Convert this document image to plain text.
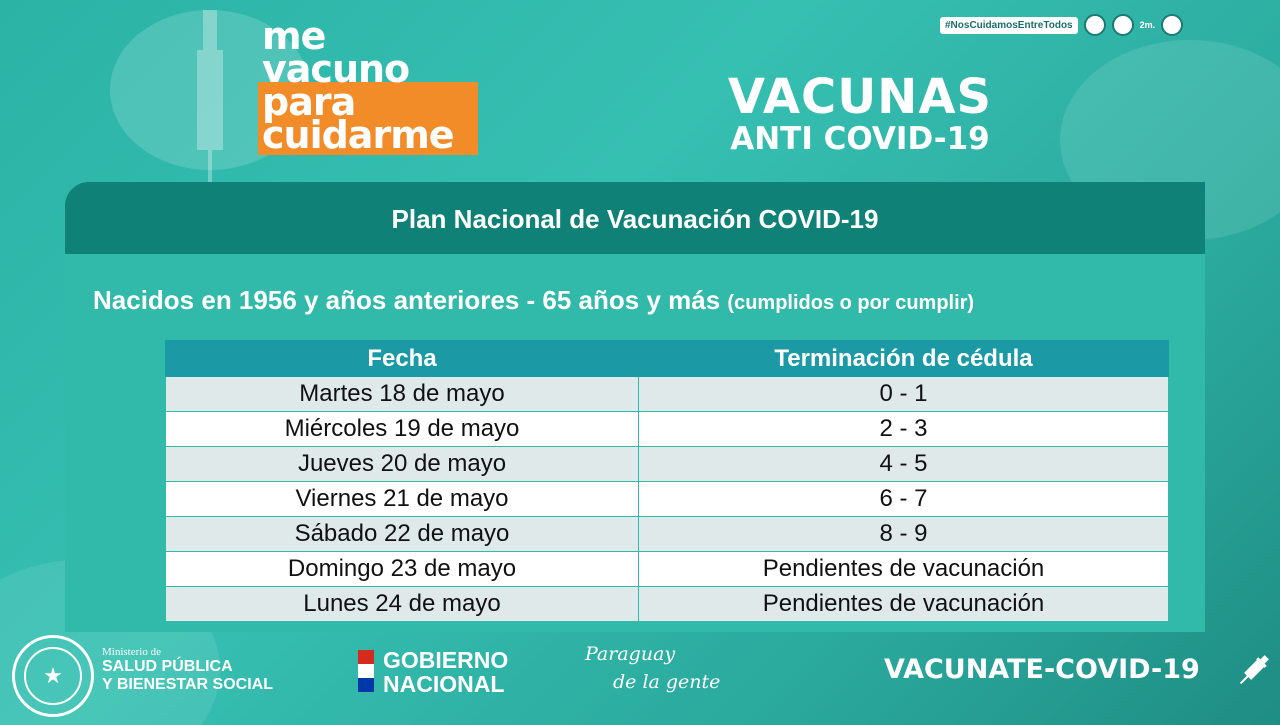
me
vacuno
para
cuidarme
VACUNAS
ANTI COVID-19
#NosCuidamosEntreTodos	2m.
Plan Nacional de Vacunación COVID-19
Nacidos en 1956 y años anteriores - 65 años y más (cumplidos o por cumplir)
Fecha	Terminación de cédula
Martes 18 de mayo	0 - 1
Miércoles 19 de mayo	2 - 3
Jueves 20 de mayo	4 - 5
Viernes 21 de mayo	6 - 7
Sábado 22 de mayo	8 - 9
Domingo 23 de mayo	Pendientes de vacunación
Lunes 24 de mayo	Pendientes de vacunación
★
Ministerio de
SALUD PÚBLICA
Y BIENESTAR SOCIAL
GOBIERNO
NACIONAL
Paraguay
de la gente	VACUNATE-COVID-19
